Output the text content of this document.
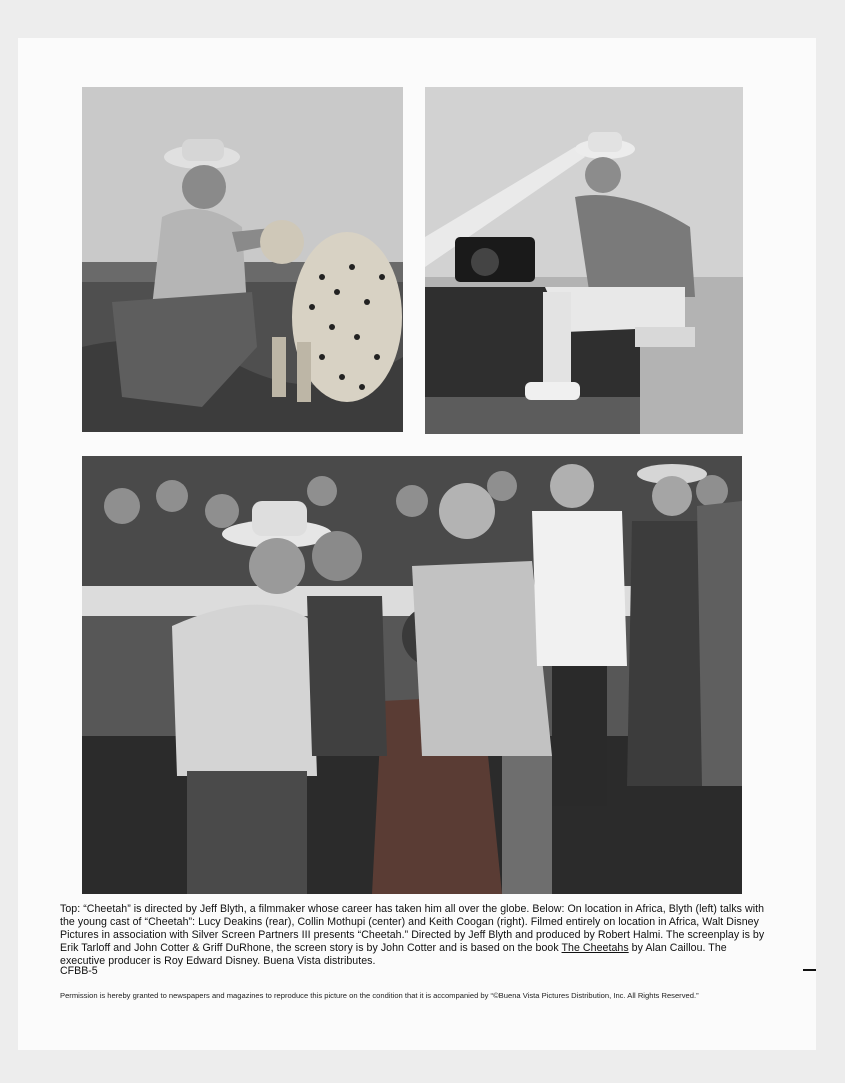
Top: “Cheetah” is directed by Jeff Blyth, a filmmaker whose career has taken him all over the globe. Below: On location in Africa, Blyth (left) talks with the young cast of “Cheetah”: Lucy Deakins (rear), Collin Mothupi (center) and Keith Coogan (right). Filmed entirely on location in Africa, Walt Disney Pictures in association with Silver Screen Partners III presents “Cheetah.” Directed by Jeff Blyth and produced by Robert Halmi. The screenplay is by Erik Tarloff and John Cotter & Griff DuRhone, the screen story is by John Cotter and is based on the book The Cheetahs by Alan Caillou. The executive producer is Roy Edward Disney. Buena Vista distributes.

CFBB-5
Permission is hereby granted to newspapers and magazines to reproduce this picture on the condition that it is accompanied by “©Buena Vista Pictures Distribution, Inc. All Rights Reserved.”
